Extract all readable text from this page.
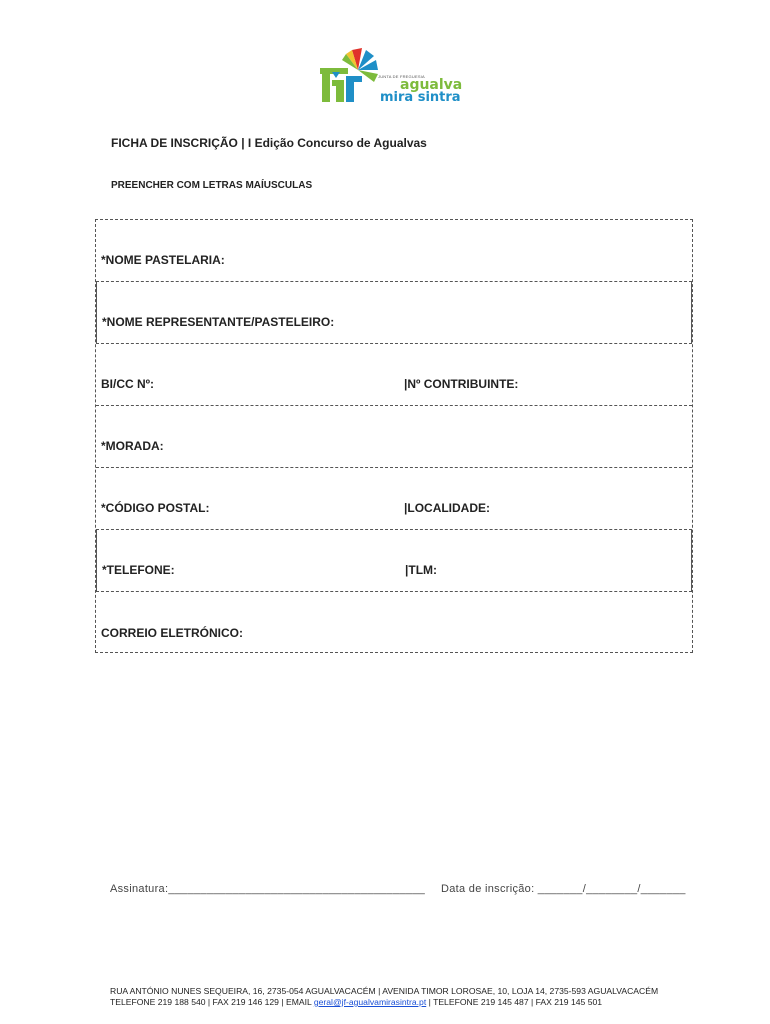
JUNTA DE FREGUESIA
agualva
mira sintra
FICHA DE INSCRIÇÃO | I Edição Concurso de Agualvas
PREENCHER COM LETRAS MAÍUSCULAS
*NOME PASTELARIA:
*NOME REPRESENTANTE/PASTELEIRO:
BI/CC Nº:	|Nº CONTRIBUINTE:
*MORADA:
*CÓDIGO POSTAL:	|LOCALIDADE:
*TELEFONE:	|TLM:
CORREIO ELETRÓNICO:
Assinatura:________________________________________ Data de inscrição: _______/________/_______
RUA ANTÓNIO NUNES SEQUEIRA, 16, 2735-054 AGUALVACACÉM | AVENIDA TIMOR LOROSAE, 10, LOJA 14, 2735-593 AGUALVACACÉM
TELEFONE 219 188 540 | FAX 219 146 129 | EMAIL geral@jf-agualvamirasintra.pt | TELEFONE 219 145 487 | FAX 219 145 501
